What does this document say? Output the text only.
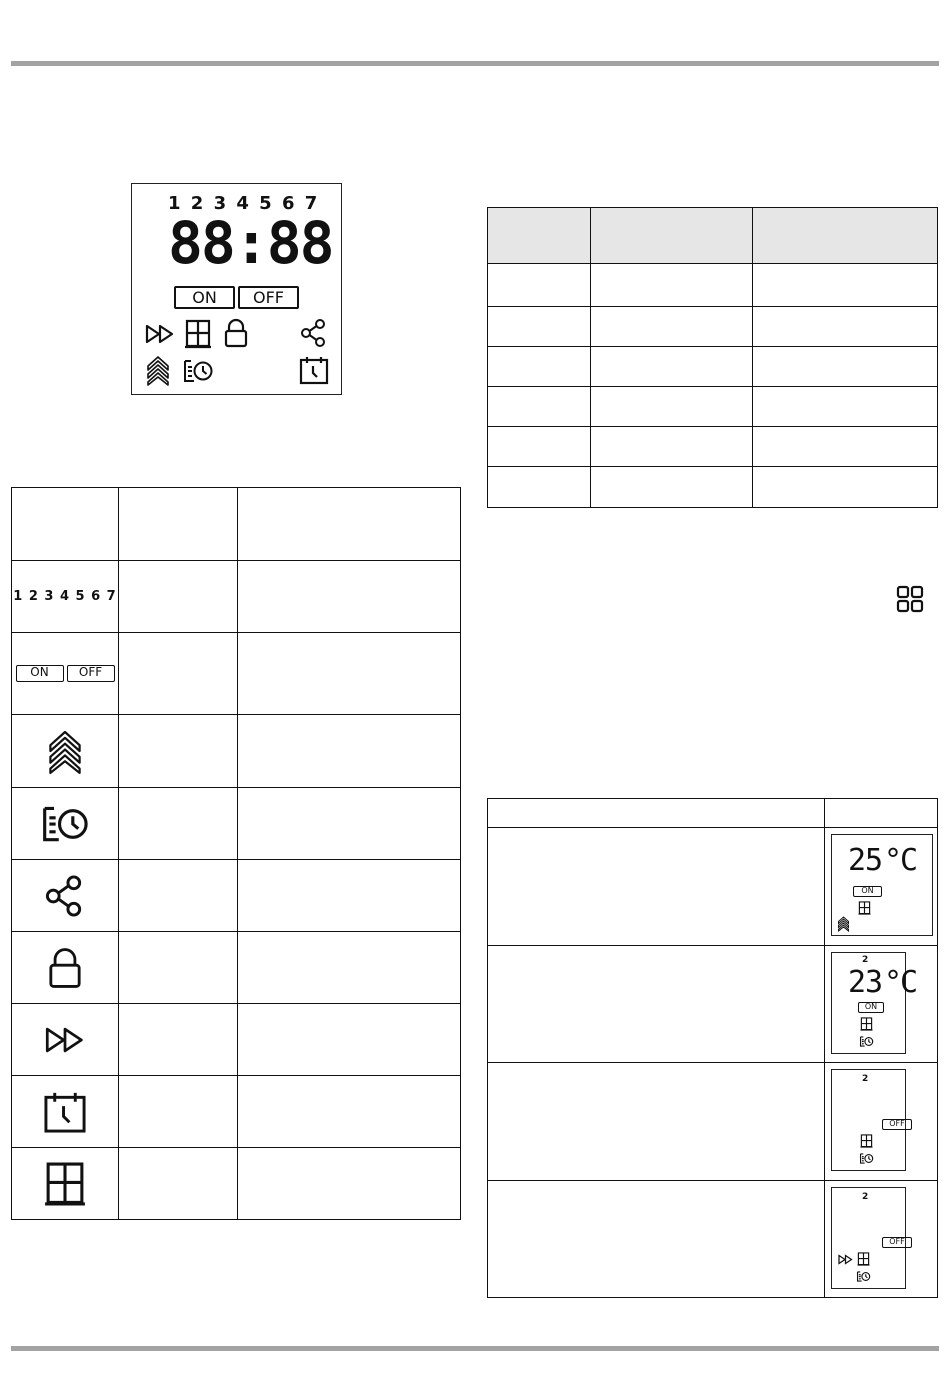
1 2 3 4 5 6 7
88:88
ON	OFF

1 2 3 4 5 6 7		

ON OFF		

	25 °C
ON

	2
23 °C
ON

	2
OFF

	2
OFF
